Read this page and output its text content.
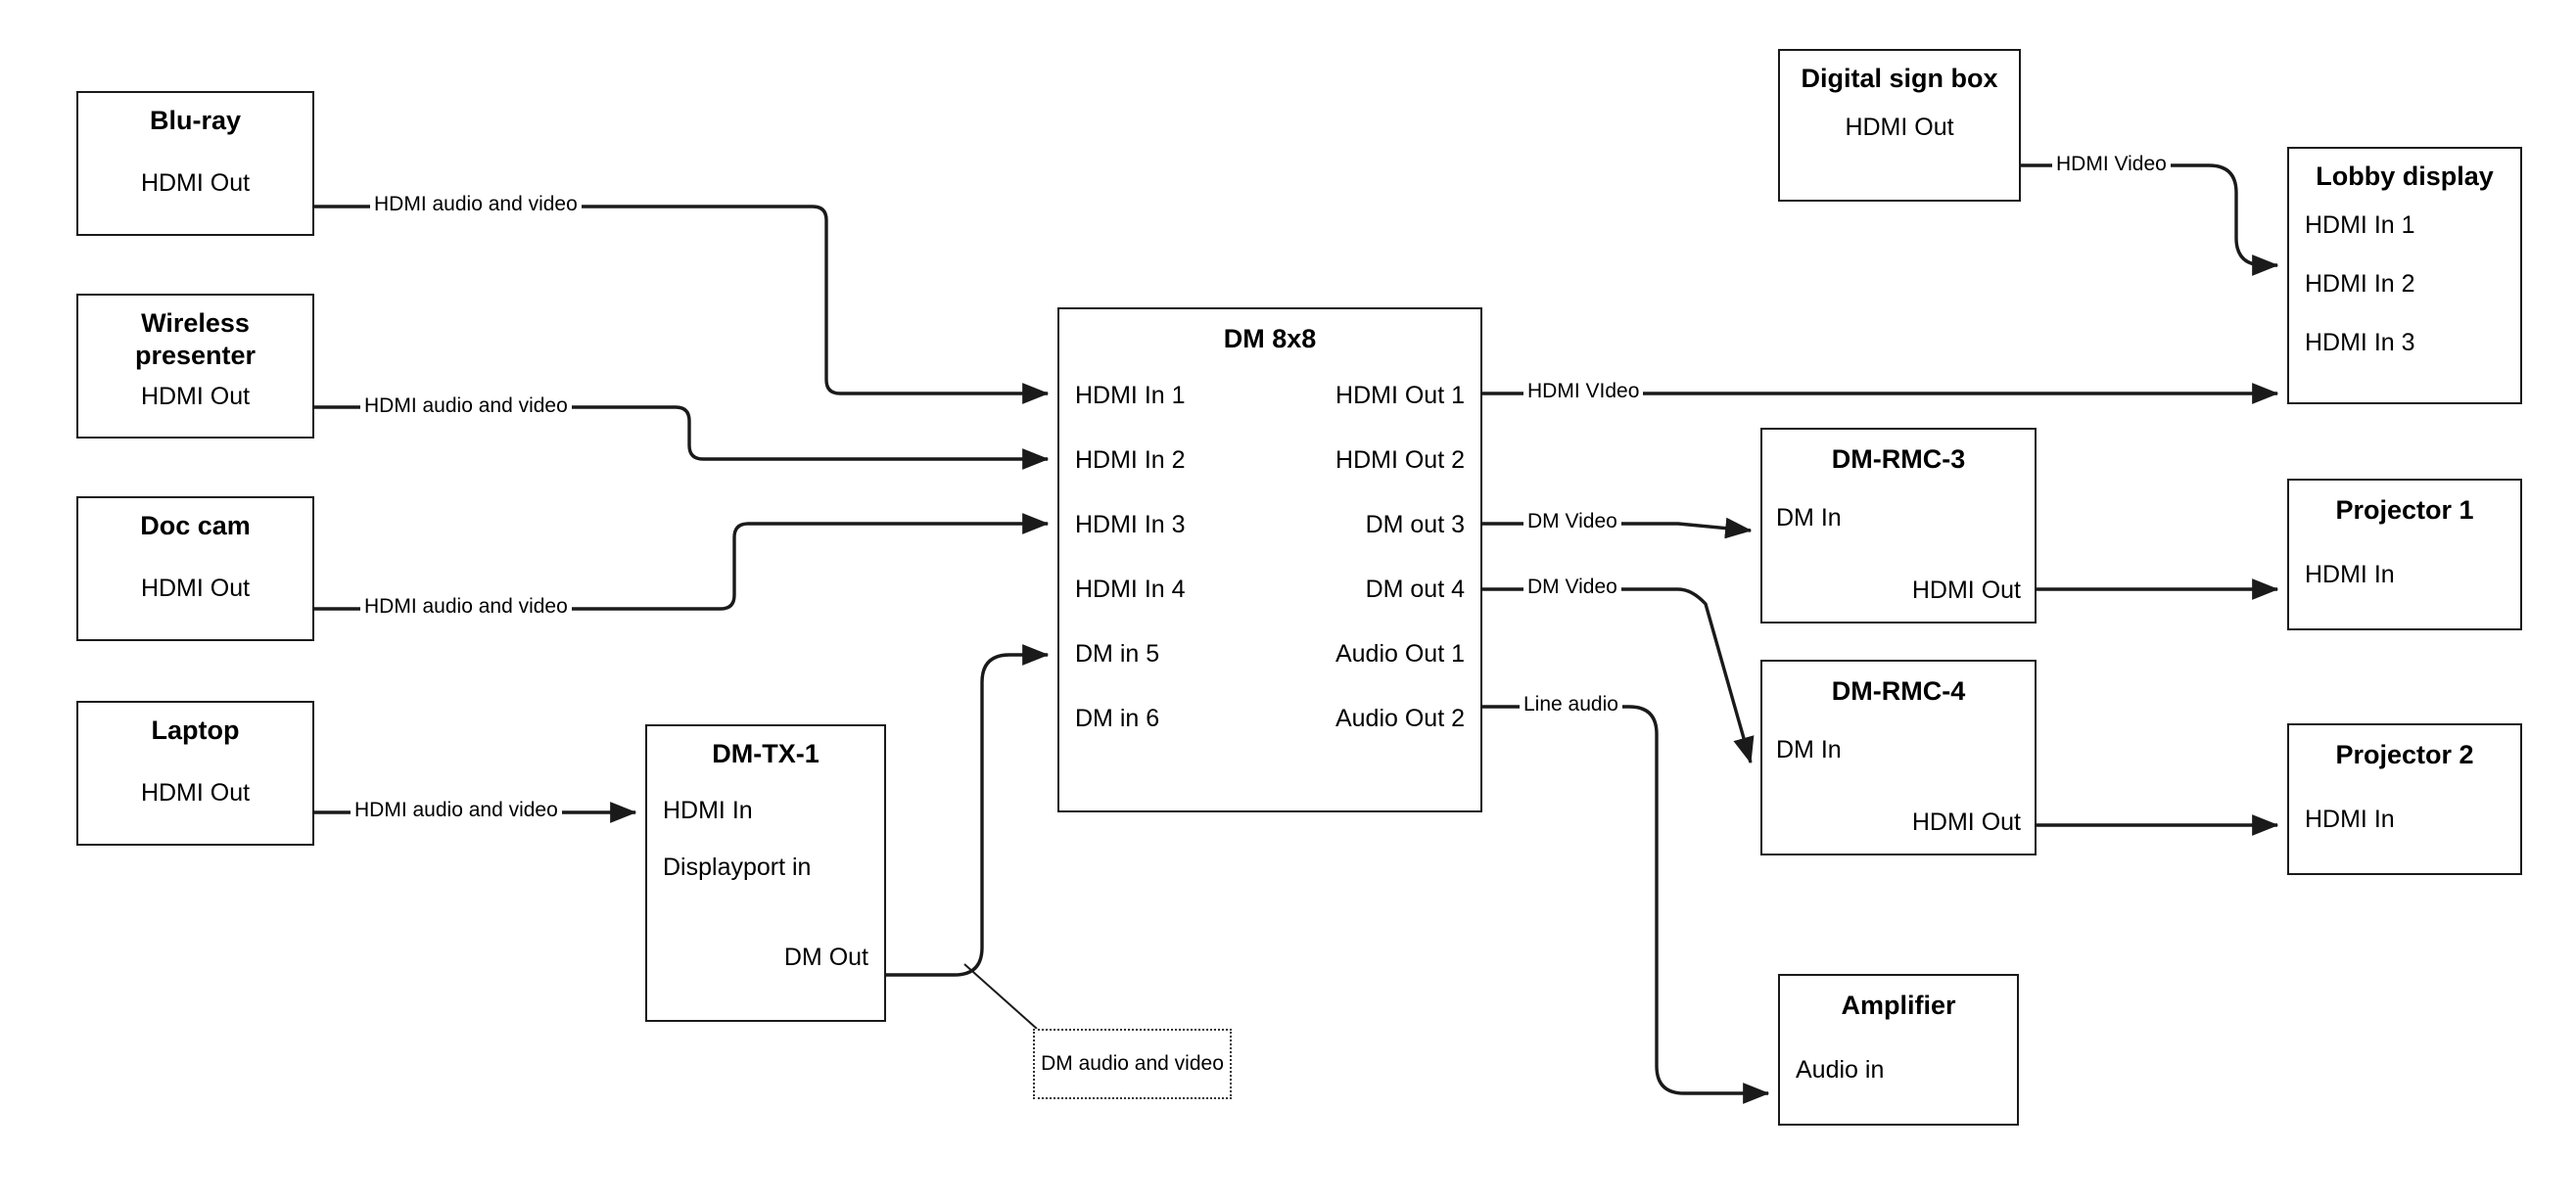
Blu-ray
HDMI Out
Wireless presenter
HDMI Out
Doc cam
HDMI Out
Laptop
HDMI Out
DM-TX-1
HDMI In
Displayport in
DM Out
DM 8x8
HDMI In 1
HDMI In 2
HDMI In 3
HDMI In 4
DM in 5
DM in 6
HDMI Out 1
HDMI Out 2
DM out 3
DM out 4
Audio Out 1
Audio Out 2
Digital sign box
HDMI Out
Lobby display
HDMI In 1
HDMI In 2
HDMI In 3
DM-RMC-3
DM In
HDMI Out
DM-RMC-4
DM In
HDMI Out
Projector 1
HDMI In
Projector 2
HDMI In
Amplifier
Audio in
HDMI audio and video
HDMI audio and video
HDMI audio and video
HDMI audio and video
HDMI Video
HDMI VIdeo
DM Video
DM Video
Line audio
DM audio and video
